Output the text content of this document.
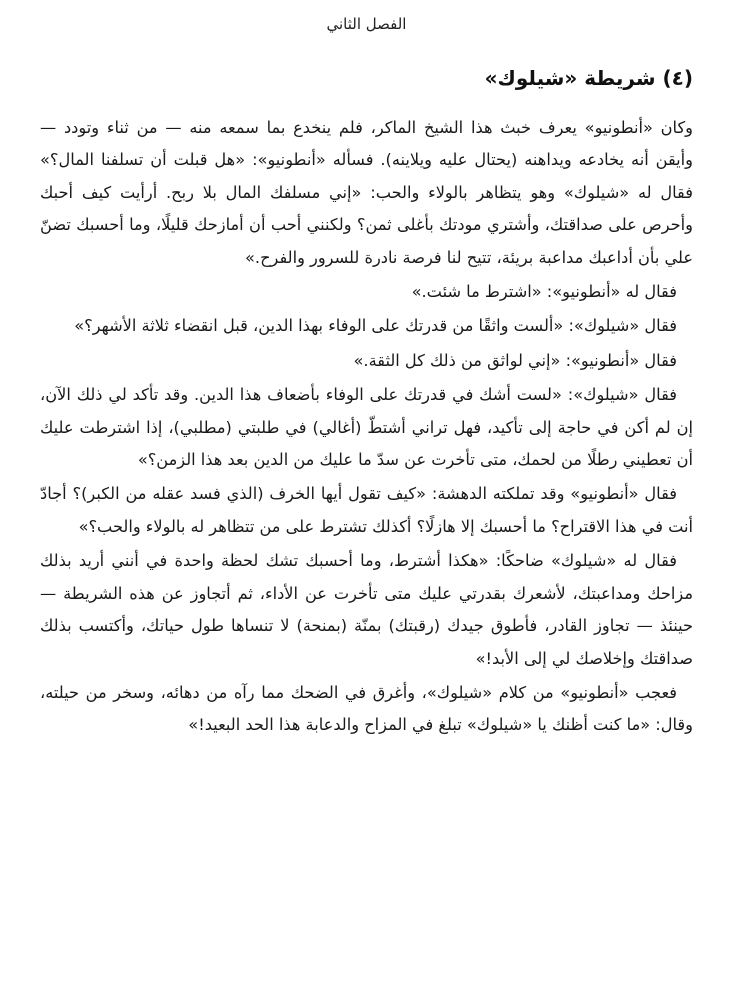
الفصل الثاني
(٤) شريطة «شيلوك»

وكان «أنطونيو» يعرف خبث هذا الشيخ الماكر، فلم ينخدع بما سمعه منه — من ثناء وتودد — وأيقن أنه يخادعه ويداهنه (يحتال عليه ويلاينه). فسأله «أنطونيو»: «هل قبلت أن تسلفنا المال؟» فقال له «شيلوك» وهو يتظاهر بالولاء والحب: «إني مسلفك المال بلا ربح. أرأيت كيف أحبك وأحرص على صداقتك، وأشتري مودتك بأغلى ثمن؟ ولكنني أحب أن أمازحك قليلًا، وما أحسبك تضنّ علي بأن أداعبك مداعبة بريئة، تتيح لنا فرصة نادرة للسرور والفرح.»

فقال له «أنطونيو»: «اشترط ما شئت.»

فقال «شيلوك»: «ألست واثقًا من قدرتك على الوفاء بهذا الدين، قبل انقضاء ثلاثة الأشهر؟»

فقال «أنطونيو»: «إني لواثق من ذلك كل الثقة.»

فقال «شيلوك»: «لست أشك في قدرتك على الوفاء بأضعاف هذا الدين. وقد تأكد لي ذلك الآن، إن لم أكن في حاجة إلى تأكيد، فهل تراني أشتطّ (أغالي) في طلبتي (مطلبي)، إذا اشترطت عليك أن تعطيني رطلًا من لحمك، متى تأخرت عن سدّ ما عليك من الدين بعد هذا الزمن؟»

فقال «أنطونيو» وقد تملكته الدهشة: «كيف تقول أيها الخرف (الذي فسد عقله من الكبر)؟ أجادّ أنت في هذا الاقتراح؟ ما أحسبك إلا هازلًا؟ أكذلك تشترط على من تتظاهر له بالولاء والحب؟»

فقال له «شيلوك» ضاحكًا: «هكذا أشترط، وما أحسبك تشك لحظة واحدة في أنني أريد بذلك مزاحك ومداعبتك، لأشعرك بقدرتي عليك متى تأخرت عن الأداء، ثم أتجاوز عن هذه الشريطة — حينئذ — تجاوز القادر، فأطوق جيدك (رقبتك) بمنّة (بمنحة) لا تنساها طول حياتك، وأكتسب بذلك صداقتك وإخلاصك لي إلى الأبد!»

فعجب «أنطونيو» من كلام «شيلوك»، وأغرق في الضحك مما رآه من دهائه، وسخر من حيلته، وقال: «ما كنت أظنك يا «شيلوك» تبلغ في المزاح والدعابة هذا الحد البعيد!»
